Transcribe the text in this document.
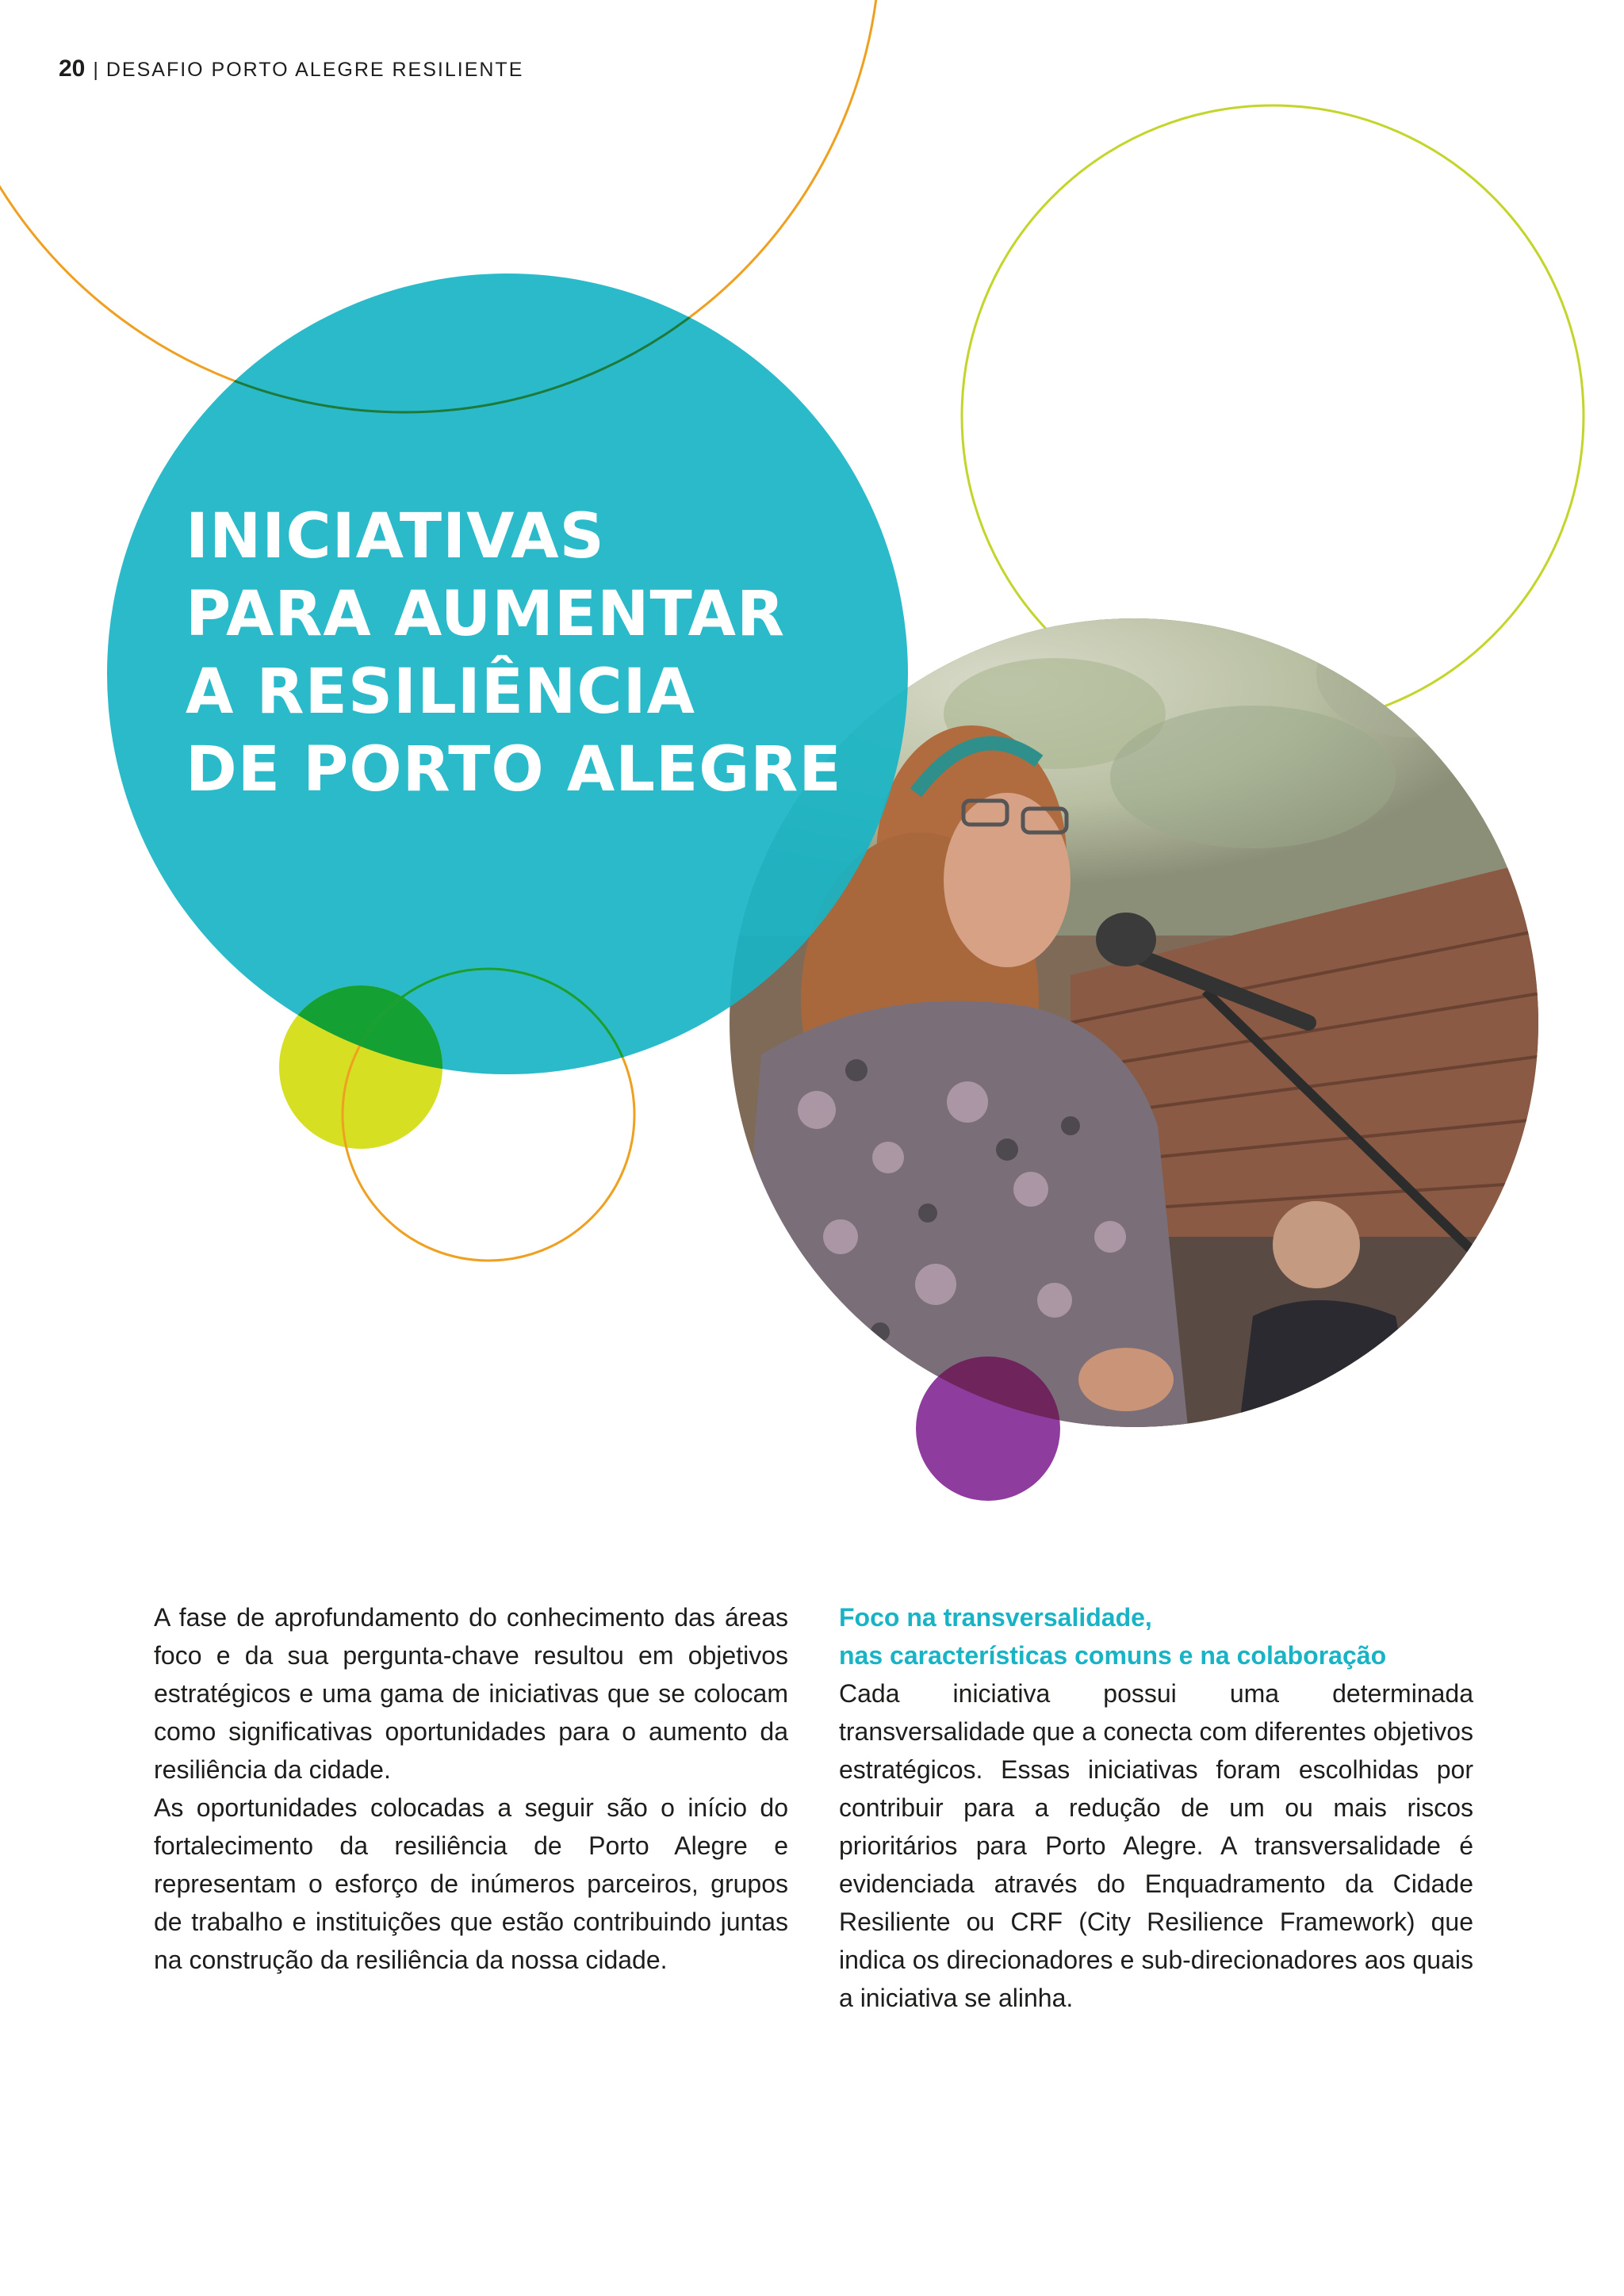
20 | DESAFIO PORTO ALEGRE RESILIENTE
INICIATIVAS
PARA AUMENTAR
A RESILIÊNCIA
DE PORTO ALEGRE

A fase de aprofundamento do conhecimento das áreas foco e da sua pergunta-chave resultou em objetivos estratégicos e uma gama de iniciativas que se colocam como significativas oportunidades para o aumento da resiliência da cidade.

As oportunidades colocadas a seguir são o início do fortalecimento da resiliência de Porto Alegre e representam o esforço de inúmeros parceiros, grupos de trabalho e instituições que estão contribuindo juntas na construção da resiliência da nossa cidade.

Foco na transversalidade,
nas características comuns e na colaboração

Cada iniciativa possui uma determinada transversalidade que a conecta com diferentes objetivos estratégicos. Essas iniciativas foram escolhidas por contribuir para a redução de um ou mais riscos prioritários para Porto Alegre. A transversalidade é evidenciada através do Enquadramento da Cidade Resiliente ou CRF (City Resilience Framework) que indica os direcionadores e sub-direcionadores aos quais a iniciativa se alinha.
